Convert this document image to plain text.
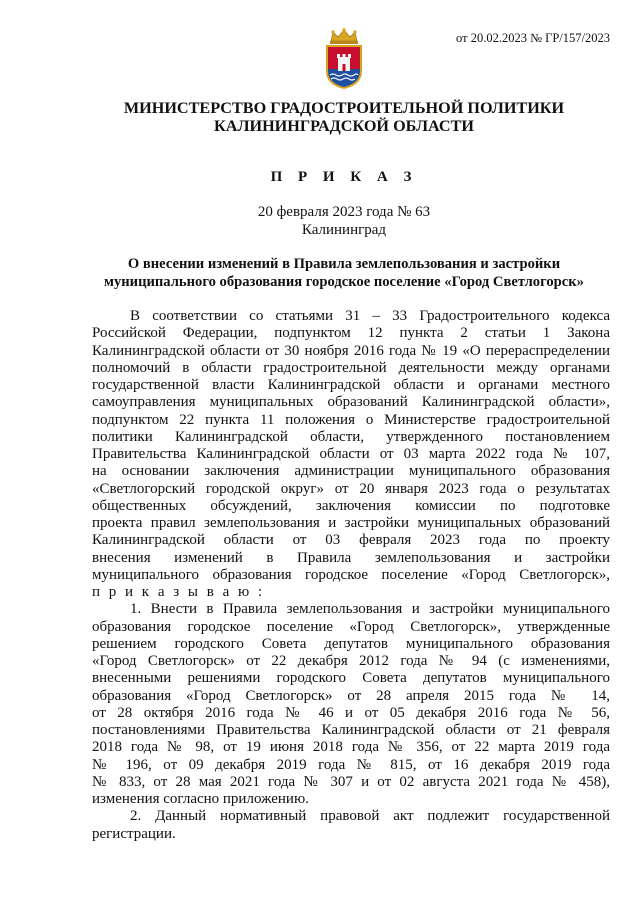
от 20.02.2023 № ГР/157/2023
МИНИСТЕРСТВО ГРАДОСТРОИТЕЛЬНОЙ ПОЛИТИКИ
КАЛИНИНГРАДСКОЙ ОБЛАСТИ
П Р И К А З
20 февраля 2023 года № 63
Калининград
О внесении изменений в Правила землепользования и застройки
муниципального образования городское поселение «Город Светлогорск»
В соответствии со статьями 31 – 33 Градостроительного кодекса
Российской Федерации, подпунктом 12 пункта 2 статьи 1 Закона
Калининградской области от 30 ноября 2016 года № 19 «О перераспределении
полномочий в области градостроительной деятельности между органами
государственной власти Калининградской области и органами местного
самоуправления муниципальных образований Калининградской области»,
подпунктом 22 пункта 11 положения о Министерстве градостроительной
политики Калининградской области, утвержденного постановлением
Правительства Калининградской области от 03 марта 2022 года № 107,
на основании заключения администрации муниципального образования
«Светлогорский городской округ» от 20 января 2023 года о результатах
общественных обсуждений, заключения комиссии по подготовке
проекта правил землепользования и застройки муниципальных образований
Калининградской области от 03 февраля 2023 года по проекту
внесения изменений в Правила землепользования и застройки
муниципального образования городское поселение «Город Светлогорск»,
п р и к а з ы в а ю :
1. Внести в Правила землепользования и застройки муниципального
образования городское поселение «Город Светлогорск», утвержденные
решением городского Совета депутатов муниципального образования
«Город Светлогорск» от 22 декабря 2012 года № 94 (с изменениями,
внесенными решениями городского Совета депутатов муниципального
образования «Город Светлогорск» от 28 апреля 2015 года № 14,
от 28 октября 2016 года № 46 и от 05 декабря 2016 года № 56,
постановлениями Правительства Калининградской области от 21 февраля
2018 года № 98, от 19 июня 2018 года № 356, от 22 марта 2019 года
№ 196, от 09 декабря 2019 года № 815, от 16 декабря 2019 года
№ 833, от 28 мая 2021 года № 307 и от 02 августа 2021 года № 458),
изменения согласно приложению.
2. Данный нормативный правовой акт подлежит государственной
регистрации.
